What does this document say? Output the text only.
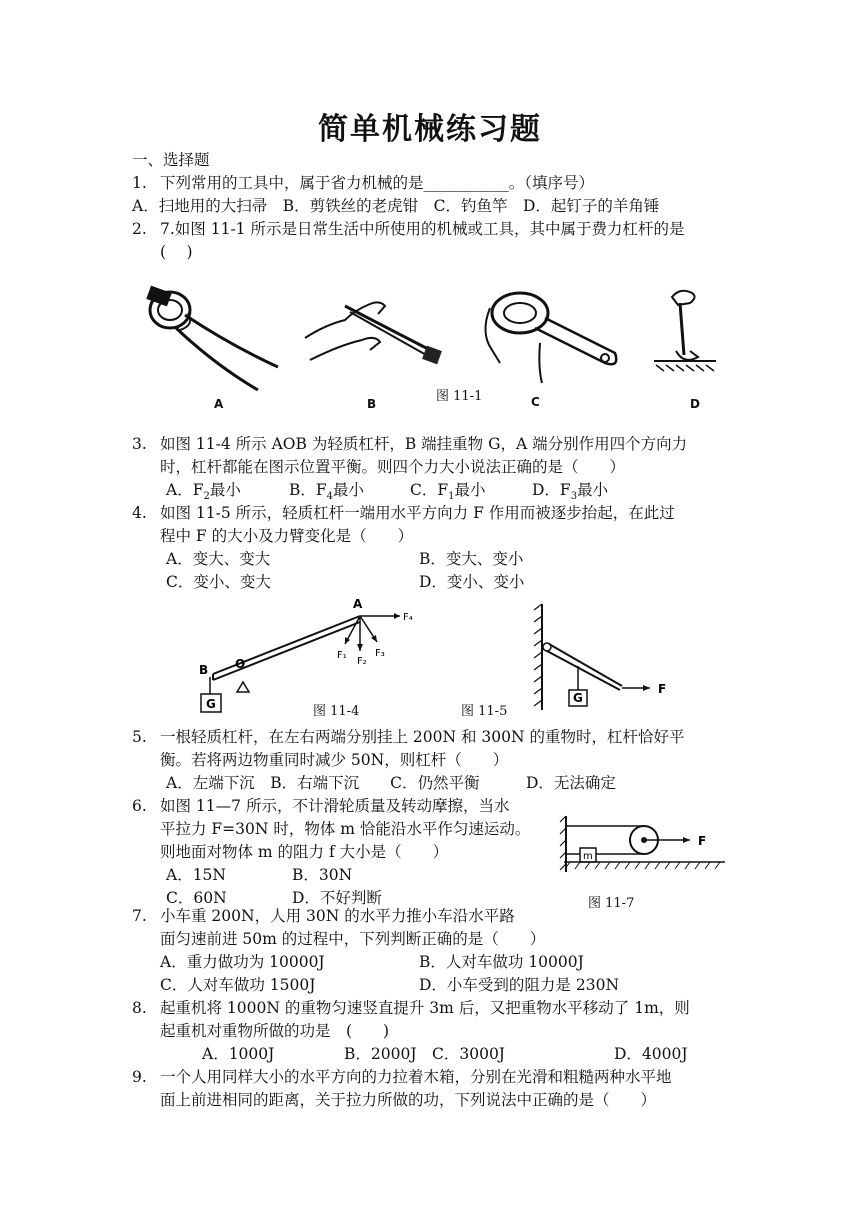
简单机械练习题
一、选择题
1. 下列常用的工具中，属于省力机械的是___________。（填序号）
A．扫地用的大扫帚　B．剪铁丝的老虎钳　C．钓鱼竿　D．起钉子的羊角锤
2. 7.如图 11-1 所示是日常生活中所使用的机械或工具，其中属于费力杠杆的是
(　 )
A	B	C	D
图 11-1
3. 如图 11-4 所示 AOB 为轻质杠杆，B 端挂重物 G，A 端分别作用四个方向力
时，杠杆都能在图示位置平衡。则四个力大小说法正确的是（　　）
A．$F_2$最小	B．$F_4$最小	C．$F_1$最小	D．$F_3$最小
4. 如图 11-5 所示，轻质杠杆一端用水平方向力 F 作用而被逐步抬起，在此过
程中 F 的大小及力臂变化是（　　）
A．变大、变大	B．变大、变小
C．变小、变大	D．变小、变小
A
B O
G
F₁
F₂
F₃
F₄
图 11-4
G
F
图 11-5
5. 一根轻质杠杆，在左右两端分别挂上 200N 和 300N 的重物时，杠杆恰好平
衡。若将两边物重同时减少 50N，则杠杆（　　）
A．左端下沉　B．右端下沉　　C．仍然平衡　　　D．无法确定
6. 如图 11—7 所示，不计滑轮质量及转动摩擦，当水
平拉力 F=30N 时，物体 m 恰能沿水平作匀速运动。
则地面对物体 m 的阻力 f 大小是（　　）
A．15N	B．30N
C．60N	D．不好判断
m
F
图 11-7
7. 小车重 200N，人用 30N 的水平力推小车沿水平路
面匀速前进 50m 的过程中，下列判断正确的是（　　）
A．重力做功为 10000J	B．人对车做功 10000J
C．人对车做功 1500J	D．小车受到的阻力是 230N
8. 起重机将 1000N 的重物匀速竖直提升 3m 后，又把重物水平移动了 1m，则
起重机对重物所做的功是　(　　)
A．1000J	B．2000J C．3000J	D．4000J
9. 一个人用同样大小的水平方向的力拉着木箱，分别在光滑和粗糙两种水平地
面上前进相同的距离，关于拉力所做的功，下列说法中正确的是（　　）
